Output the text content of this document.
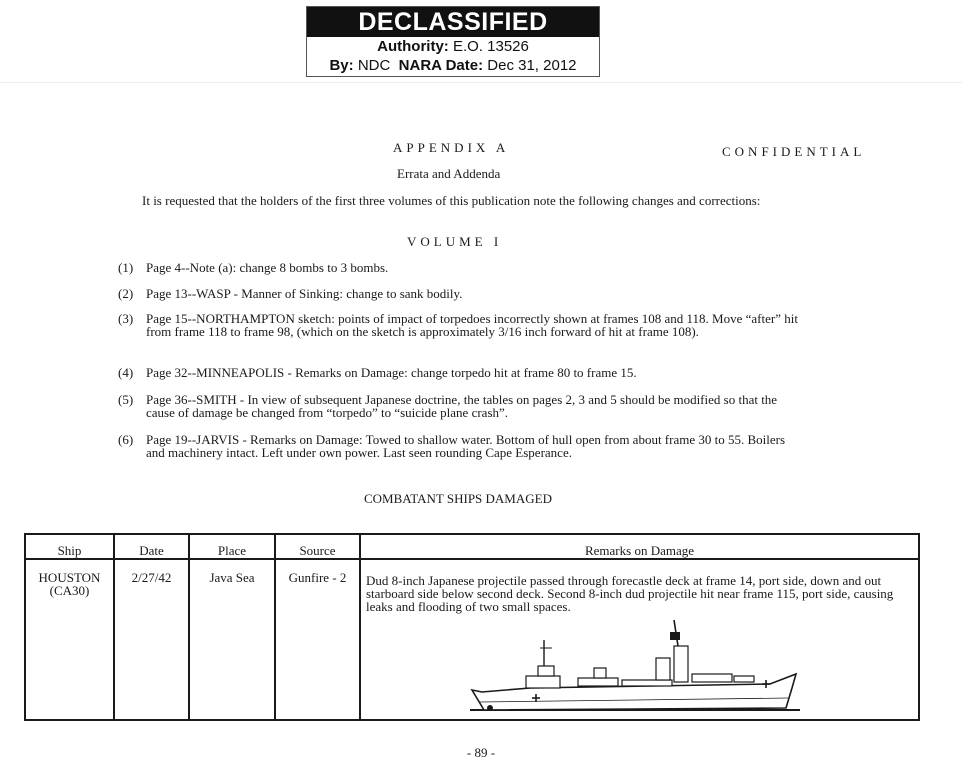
DECLASSIFIED
Authority: E.O. 13526
By: NDC NARA Date: Dec 31, 2012
APPENDIX A	CONFIDENTIAL
Errata and Addenda
It is requested that the holders of the first three volumes of this publication note the following changes and corrections:
VOLUME I
(1) Page 4--Note (a): change 8 bombs to 3 bombs.
(2) Page 13--WASP - Manner of Sinking: change to sank bodily.
(3) Page 15--NORTHAMPTON sketch: points of impact of torpedoes incorrectly shown at frames 108 and 118. Move “after” hit from frame 118 to frame 98, (which on the sketch is approximately 3/16 inch forward of hit at frame 108).
(4) Page 32--MINNEAPOLIS - Remarks on Damage: change torpedo hit at frame 80 to frame 15.
(5) Page 36--SMITH - In view of subsequent Japanese doctrine, the tables on pages 2, 3 and 5 should be modified so that the cause of damage be changed from “torpedo” to “suicide plane crash”.
(6) Page 19--JARVIS - Remarks on Damage: Towed to shallow water. Bottom of hull open from about frame 30 to 55. Boilers and machinery intact. Left under own power. Last seen rounding Cape Esperance.
COMBATANT SHIPS DAMAGED
Ship	Date	Place	Source	Remarks on Damage
HOUSTON
(CA30)
2/27/42	Java Sea	Gunfire - 2	Dud 8-inch Japanese projectile passed through forecastle deck at frame 14, port side, down and out starboard side below second deck. Second 8-inch dud projectile hit near frame 115, port side, causing leaks and flooding of two small spaces.
- 89 -
